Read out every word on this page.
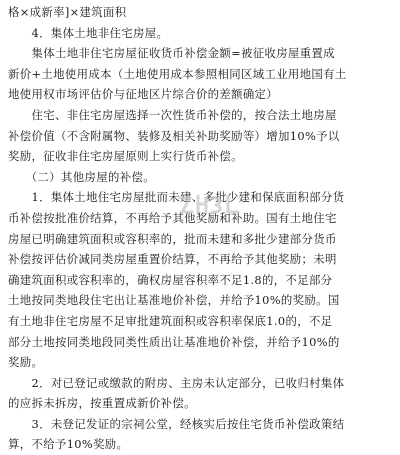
格×成新率]×建筑面积
　　4．集体土地非住宅房屋。
　　集体土地非住宅房屋征收货币补偿金额=被征收房屋重置成
新价+土地使用成本（土地使用成本参照相同区域工业用地国有土
地使用权市场评估价与征地区片综合价的差额确定）
　　住宅、非住宅房屋选择一次性货币补偿的，按合法土地房屋
补偿价值（不含附属物、装修及相关补助奖励等）增加10%予以
奖励，征收非住宅房屋原则上实行货币补偿。
　　（二）其他房屋的补偿。
　　1．集体土地住宅房屋批而未建、多批少建和保底面积部分货
币补偿按批准价结算，不再给予其他奖励和补助。国有土地住宅
房屋已明确建筑面积或容积率的，批而未建和多批少建部分货币
补偿按评估价减同类房屋重置价结算，不再给予其他奖励；未明
确建筑面积或容积率的，确权房屋容积率不足1.8的，不足部分
土地按同类地段住宅出让基准地价补偿，并给予10%的奖励。国
有土地非住宅房屋不足审批建筑面积或容积率保底1.0的，不足
部分土地按同类地段同类性质出让基准地价补偿，并给予10%的
奖励。
　　2．对已登记或缴款的附房、主房未认定部分，已收归村集体
的应拆未拆房，按重置成新价补偿。
　　3．未登记发证的宗祠公堂，经核实后按住宅货币补偿政策结
算，不给予10%奖励。
